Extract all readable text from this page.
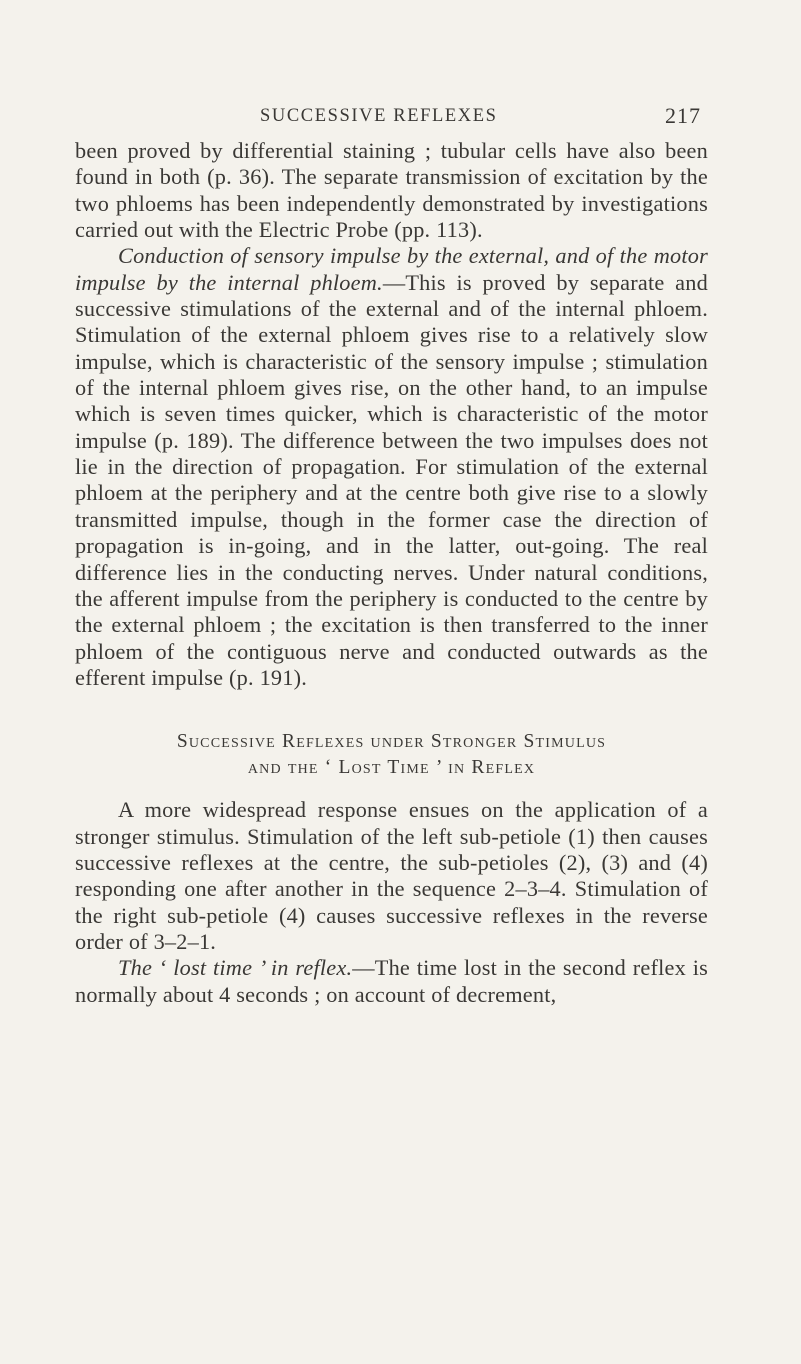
SUCCESSIVE REFLEXES	217

been proved by differential staining ; tubular cells have also been found in both (p. 36). The separate transmission of excitation by the two phloems has been independently demonstrated by investigations carried out with the Electric Probe (pp. 113).

Conduction of sensory impulse by the external, and of the motor impulse by the internal phloem.—This is proved by separate and successive stimulations of the external and of the internal phloem. Stimulation of the external phloem gives rise to a relatively slow impulse, which is characteristic of the sensory impulse ; stimulation of the internal phloem gives rise, on the other hand, to an impulse which is seven times quicker, which is characteristic of the motor impulse (p. 189). The difference between the two impulses does not lie in the direction of propagation. For stimulation of the external phloem at the periphery and at the centre both give rise to a slowly transmitted impulse, though in the former case the direction of propagation is in-going, and in the latter, out-going. The real difference lies in the conducting nerves. Under natural conditions, the afferent impulse from the periphery is conducted to the centre by the external phloem ; the excitation is then transferred to the inner phloem of the contiguous nerve and conducted outwards as the efferent impulse (p. 191).

Successive Reflexes under Stronger Stimulus
and the ‘ Lost Time ’ in Reflex

A more widespread response ensues on the application of a stronger stimulus. Stimulation of the left sub-petiole (1) then causes successive reflexes at the centre, the sub-petioles (2), (3) and (4) responding one after another in the sequence 2–3–4. Stimulation of the right sub-petiole (4) causes successive reflexes in the reverse order of 3–2–1.

The ‘ lost time ’ in reflex.—The time lost in the second reflex is normally about 4 seconds ; on account of decrement,
